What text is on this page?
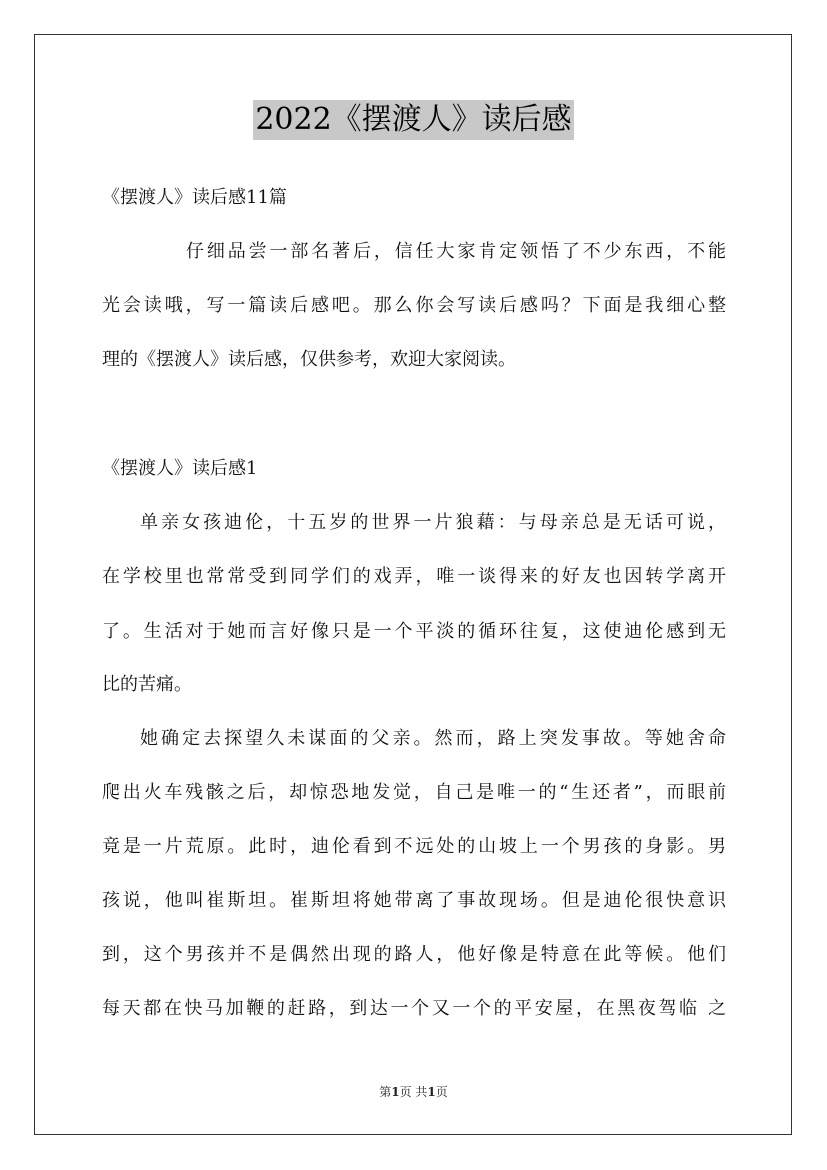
2022《摆渡人》读后感
《摆渡人》读后感11篇
仔细品尝一部名著后，信任大家肯定领悟了不少东西，不能
光会读哦，写一篇读后感吧。那么你会写读后感吗？下面是我细心整
理的《摆渡人》读后感，仅供参考，欢迎大家阅读。
《摆渡人》读后感1
单亲女孩迪伦，十五岁的世界一片狼藉：与母亲总是无话可说，
在学校里也常常受到同学们的戏弄，唯一谈得来的好友也因转学离开
了。生活对于她而言好像只是一个平淡的循环往复，这使迪伦感到无
比的苦痛。
她确定去探望久未谋面的父亲。然而，路上突发事故。等她舍命
爬出火车残骸之后，却惊恐地发觉，自己是唯一的“生还者”，而眼前
竟是一片荒原。此时，迪伦看到不远处的山坡上一个男孩的身影。男
孩说，他叫崔斯坦。崔斯坦将她带离了事故现场。但是迪伦很快意识
到，这个男孩并不是偶然出现的路人，他好像是特意在此等候。他们
每天都在快马加鞭的赶路，到达一个又一个的平安屋，在黑夜驾临 之
第1页 共1页
